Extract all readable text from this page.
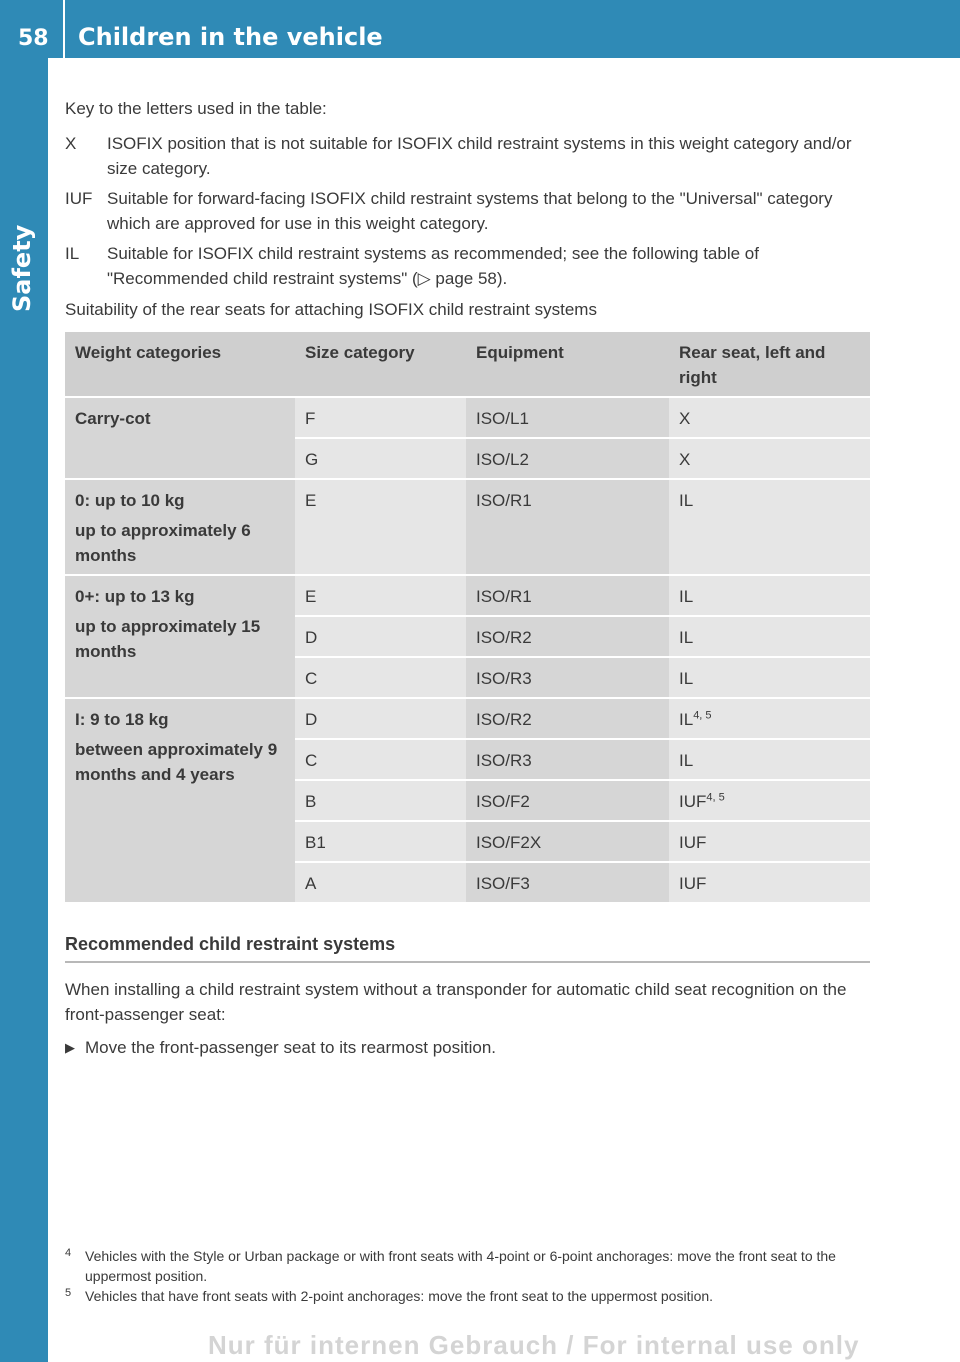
58 Children in the vehicle
Safety

Key to the letters used in the table:

X	ISOFIX position that is not suitable for ISOFIX child restraint systems in this weight category and/or size category.
IUF Suitable for forward-facing ISOFIX child restraint systems that belong to the "Universal" category which are approved for use in this weight category.
IL	Suitable for ISOFIX child restraint systems as recommended; see the following table of "Recommended child restraint systems" (▷ page 58).

Suitability of the rear seats for attaching ISOFIX child restraint systems

Weight categories	Size category	Equipment	Rear seat, left and right
Carry-cot	F	ISO/L1	X
	G	ISO/L2	X
0: up to 10 kg
up to approximately 6 months	E	ISO/R1	IL
0+: up to 13 kg
up to approximately 15 months	E	ISO/R1	IL
	D	ISO/R2	IL
	C	ISO/R3	IL
I: 9 to 18 kg
between approximately 9 months and 4 years	D	ISO/R2	IL$^{4, 5}$
	C	ISO/R3	IL
	B	ISO/F2	IUF$^{4, 5}$
	B1	ISO/F2X	IUF
	A	ISO/F3	IUF
Recommended child restraint systems

When installing a child restraint system without a transponder for automatic child seat recognition on the front-passenger seat:

▶ Move the front-passenger seat to its rearmost position.
4 Vehicles with the Style or Urban package or with front seats with 4-point or 6-point anchorages: move the front seat to the uppermost position.
5 Vehicles that have front seats with 2-point anchorages: move the front seat to the uppermost position.
Nur für internen Gebrauch / For internal use only
